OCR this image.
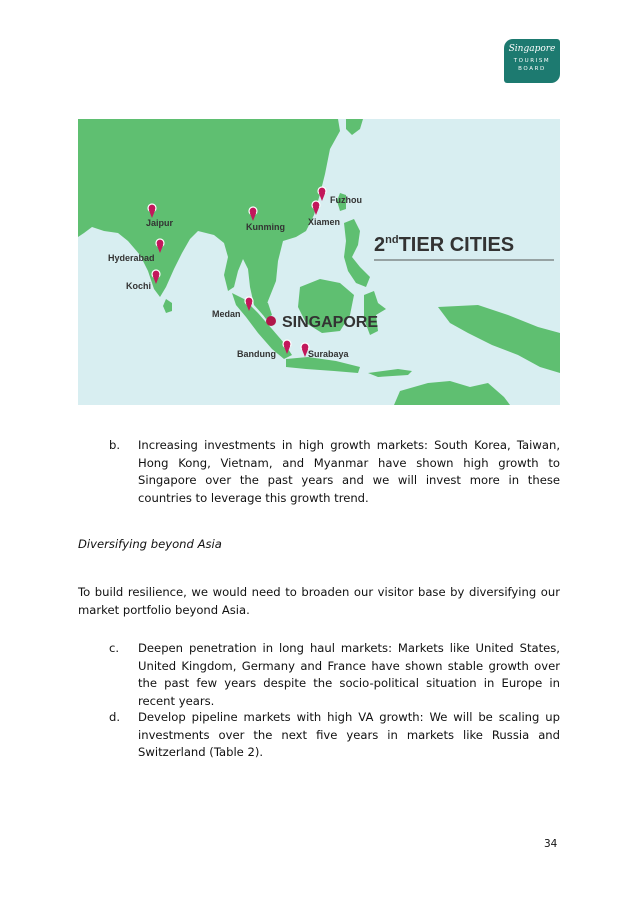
Singapore
TOURISM
BOARD
Fuzhou
Xiamen
Jaipur	Kunming
Hyderabad
Kochi
Medan
Bandung	Surabaya
SINGAPORE
2ndTIER CITIES
b. Increasing investments in high growth markets: South Korea, Taiwan, Hong Kong, Vietnam, and Myanmar have shown high growth to Singapore over the past years and we will invest more in these countries to leverage this growth trend.
Diversifying beyond Asia
To build resilience, we would need to broaden our visitor base by diversifying our market portfolio beyond Asia.
c. Deepen penetration in long haul markets: Markets like United States, United Kingdom, Germany and France have shown stable growth over the past few years despite the socio-political situation in Europe in recent years.
d. Develop pipeline markets with high VA growth: We will be scaling up investments over the next five years in markets like Russia and Switzerland (Table 2).
34
